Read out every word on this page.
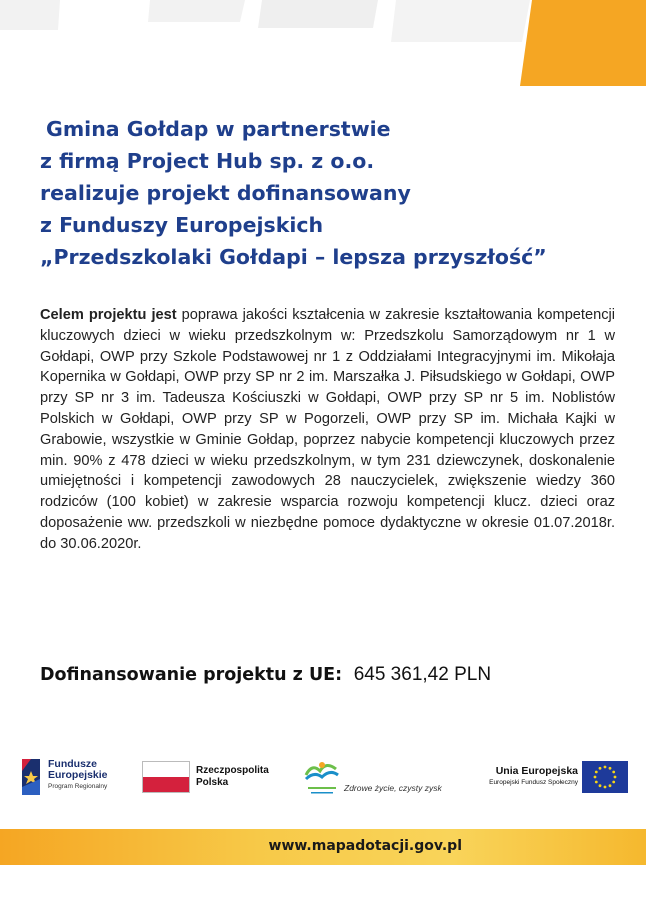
Gmina Gołdap w partnerstwie
z firmą Project Hub sp. z o.o.
realizuje projekt dofinansowany
z Funduszy Europejskich
„Przedszkolaki Gołdapi – lepsza przyszłość”

Celem projektu jest poprawa jakości kształcenia w zakresie kształtowania kompetencji kluczowych dzieci w wieku przedszkolnym w: Przedszkolu Samorządowym nr 1 w Gołdapi, OWP przy Szkole Podstawowej nr 1 z Oddziałami Integracyjnymi im. Mikołaja Kopernika w Gołdapi, OWP przy SP nr 2 im. Marszałka J. Piłsudskiego w Gołdapi, OWP przy SP nr 3 im. Tadeusza Kościuszki w Gołdapi, OWP przy SP nr 5 im. Noblistów Polskich w Gołdapi, OWP przy SP w Pogorzeli, OWP przy SP im. Michała Kajki w Grabowie, wszystkie w Gminie Gołdap, poprzez nabycie kompetencji kluczowych przez min. 90% z 478 dzieci w wieku przedszkolnym, w tym 231 dziewczynek, doskonalenie umiejętności i kompetencji zawodowych 28 nauczycielek, zwiększenie wiedzy 360 rodziców (100 kobiet) w zakresie wsparcia rozwoju kompetencji klucz. dzieci oraz doposażenie ww. przedszkoli w niezbędne pomoce dydaktyczne w okresie 01.07.2018r. do 30.06.2020r.

Dofinansowanie projektu z UE: 645 361,42 PLN
Fundusze
Europejskie
Program Regionalny
Rzeczpospolita
Polska	Zdrowe życie, czysty zysk
Unia Europejska
Europejski Fundusz Społeczny
www.mapadotacji.gov.pl
